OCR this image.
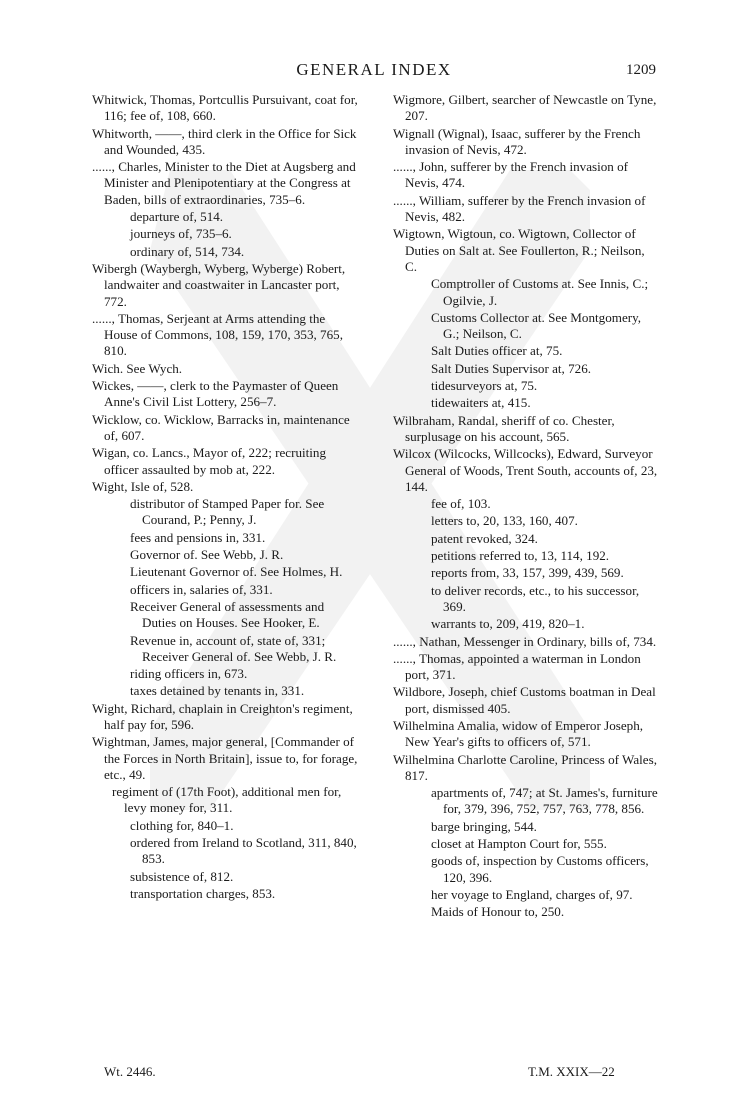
GENERAL INDEX	1209
Whitwick, Thomas, Portcullis Pursuivant, coat for, 116; fee of, 108, 660.
Whitworth, ——, third clerk in the Office for Sick and Wounded, 435.
......, Charles, Minister to the Diet at Augsberg and Minister and Plenipotentiary at the Congress at Baden, bills of extraordinaries, 735–6.
departure of, 514.
journeys of, 735–6.
ordinary of, 514, 734.
Wibergh (Waybergh, Wyberg, Wyberge) Robert, landwaiter and coastwaiter in Lancaster port, 772.
......, Thomas, Serjeant at Arms attending the House of Commons, 108, 159, 170, 353, 765, 810.
Wich. See Wych.
Wickes, ——, clerk to the Paymaster of Queen Anne's Civil List Lottery, 256–7.
Wicklow, co. Wicklow, Barracks in, maintenance of, 607.
Wigan, co. Lancs., Mayor of, 222; recruiting officer assaulted by mob at, 222.
Wight, Isle of, 528.
distributor of Stamped Paper for. See Courand, P.; Penny, J.
fees and pensions in, 331.
Governor of. See Webb, J. R.
Lieutenant Governor of. See Holmes, H.
officers in, salaries of, 331.
Receiver General of assessments and Duties on Houses. See Hooker, E.
Revenue in, account of, state of, 331; Receiver General of. See Webb, J. R.
riding officers in, 673.
taxes detained by tenants in, 331.
Wight, Richard, chaplain in Creighton's regiment, half pay for, 596.
Wightman, James, major general, [Commander of the Forces in North Britain], issue to, for forage, etc., 49.
regiment of (17th Foot), additional men for, levy money for, 311.
clothing for, 840–1.
ordered from Ireland to Scotland, 311, 840, 853.
subsistence of, 812.
transportation charges, 853.
Wigmore, Gilbert, searcher of Newcastle on Tyne, 207.
Wignall (Wignal), Isaac, sufferer by the French invasion of Nevis, 472.
......, John, sufferer by the French invasion of Nevis, 474.
......, William, sufferer by the French invasion of Nevis, 482.
Wigtown, Wigtoun, co. Wigtown, Collector of Duties on Salt at. See Foullerton, R.; Neilson, C.
Comptroller of Customs at. See Innis, C.; Ogilvie, J.
Customs Collector at. See Montgomery, G.; Neilson, C.
Salt Duties officer at, 75.
Salt Duties Supervisor at, 726.
tidesurveyors at, 75.
tidewaiters at, 415.
Wilbraham, Randal, sheriff of co. Chester, surplusage on his account, 565.
Wilcox (Wilcocks, Willcocks), Edward, Surveyor General of Woods, Trent South, accounts of, 23, 144.
fee of, 103.
letters to, 20, 133, 160, 407.
patent revoked, 324.
petitions referred to, 13, 114, 192.
reports from, 33, 157, 399, 439, 569.
to deliver records, etc., to his successor, 369.
warrants to, 209, 419, 820–1.
......, Nathan, Messenger in Ordinary, bills of, 734.
......, Thomas, appointed a waterman in London port, 371.
Wildbore, Joseph, chief Customs boatman in Deal port, dismissed 405.
Wilhelmina Amalia, widow of Emperor Joseph, New Year's gifts to officers of, 571.
Wilhelmina Charlotte Caroline, Princess of Wales, 817.
apartments of, 747; at St. James's, furniture for, 379, 396, 752, 757, 763, 778, 856.
barge bringing, 544.
closet at Hampton Court for, 555.
goods of, inspection by Customs officers, 120, 396.
her voyage to England, charges of, 97.
Maids of Honour to, 250.
Wt. 2446.	T.M. XXIX—22
